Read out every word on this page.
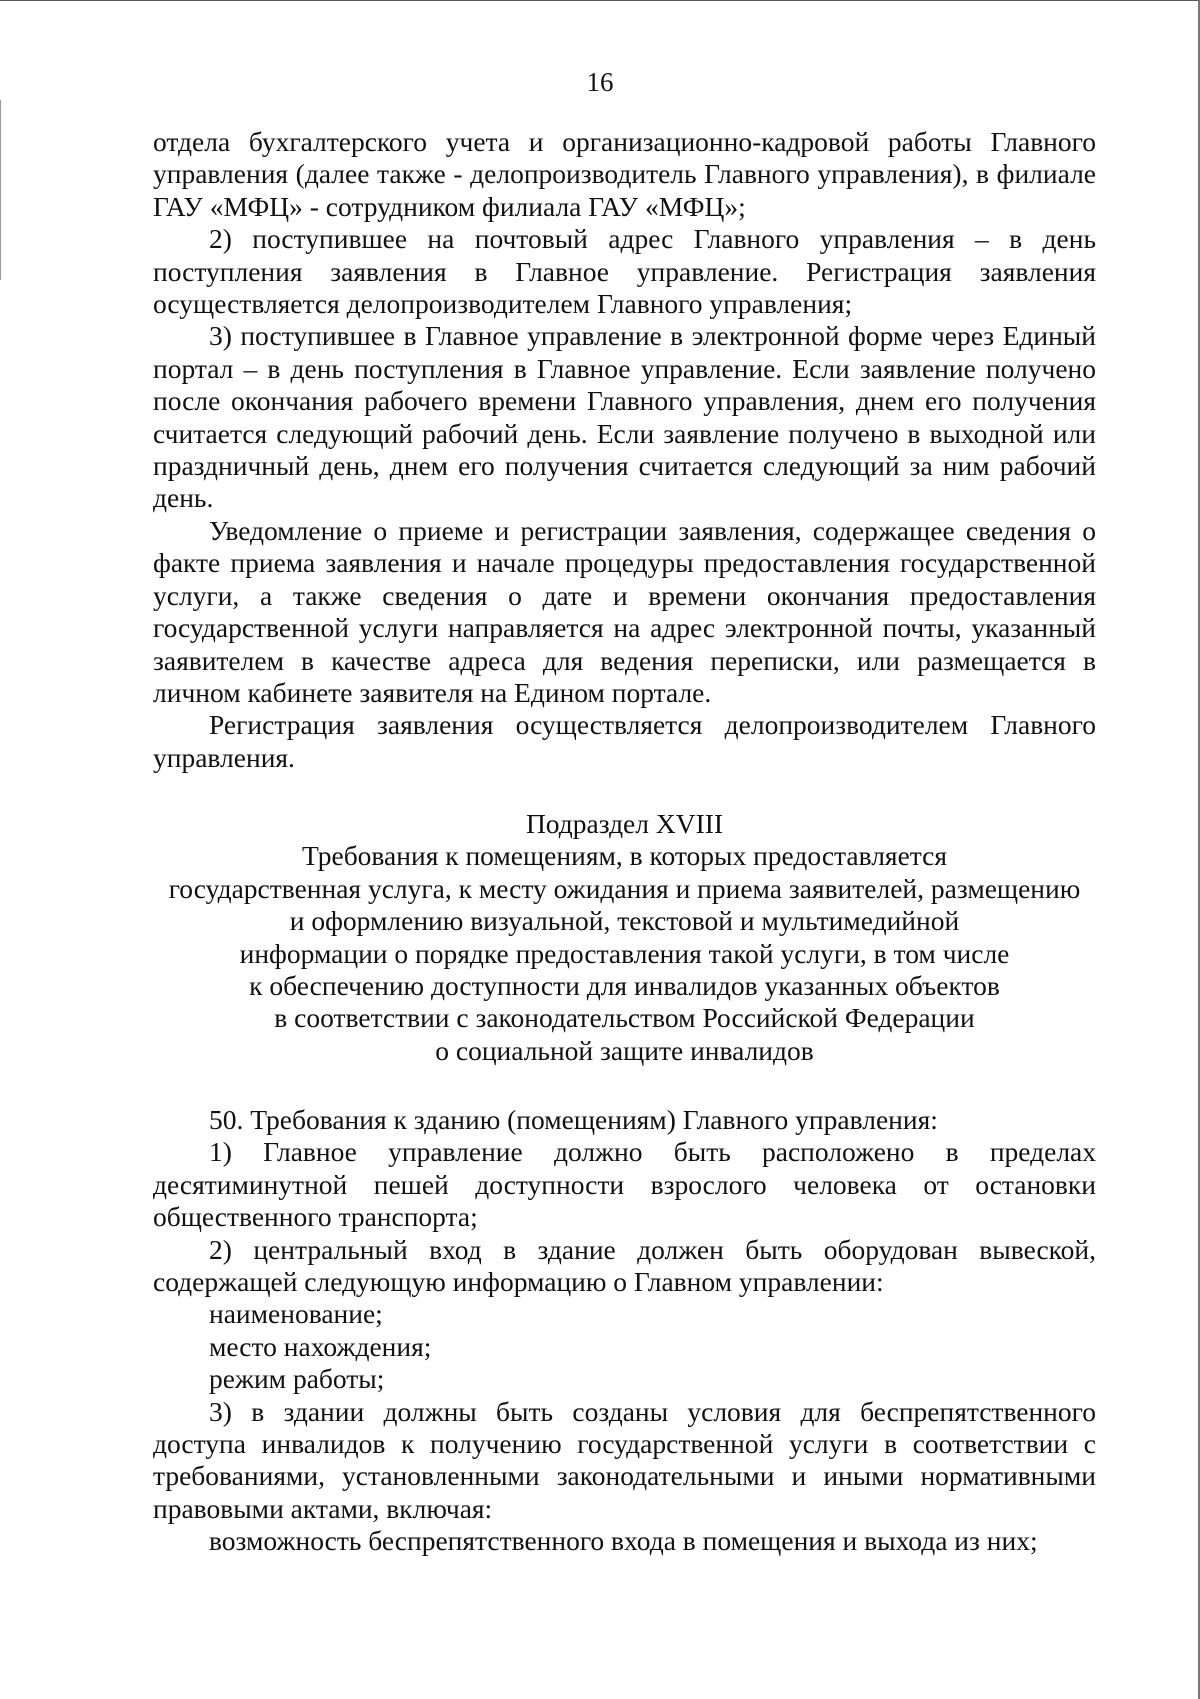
16

отдела бухгалтерского учета и организационно-кадровой работы Главного управления (далее также - делопроизводитель Главного управления), в филиале ГАУ «МФЦ» - сотрудником филиала ГАУ «МФЦ»;

2) поступившее на почтовый адрес Главного управления – в день поступления заявления в Главное управление. Регистрация заявления осуществляется делопроизводителем Главного управления;

3) поступившее в Главное управление в электронной форме через Единый портал – в день поступления в Главное управление. Если заявление получено после окончания рабочего времени Главного управления, днем его получения считается следующий рабочий день. Если заявление получено в выходной или праздничный день, днем его получения считается следующий за ним рабочий день.

Уведомление о приеме и регистрации заявления, содержащее сведения о факте приема заявления и начале процедуры предоставления государственной услуги, а также сведения о дате и времени окончания предоставления государственной услуги направляется на адрес электронной почты, указанный заявителем в качестве адреса для ведения переписки, или размещается в личном кабинете заявителя на Едином портале.

Регистрация заявления осуществляется делопроизводителем Главного управления.

Подраздел XVIII

Требования к помещениям, в которых предоставляется

государственная услуга, к месту ожидания и приема заявителей, размещению

и оформлению визуальной, текстовой и мультимедийной

информации о порядке предоставления такой услуги, в том числе

к обеспечению доступности для инвалидов указанных объектов

в соответствии с законодательством Российской Федерации

о социальной защите инвалидов

50. Требования к зданию (помещениям) Главного управления:

1) Главное управление должно быть расположено в пределах десятиминутной пешей доступности взрослого человека от остановки общественного транспорта;

2) центральный вход в здание должен быть оборудован вывеской, содержащей следующую информацию о Главном управлении:

наименование;

место нахождения;

режим работы;

3) в здании должны быть созданы условия для беспрепятственного доступа инвалидов к получению государственной услуги в соответствии с требованиями, установленными законодательными и иными нормативными правовыми актами, включая:

возможность беспрепятственного входа в помещения и выхода из них;
